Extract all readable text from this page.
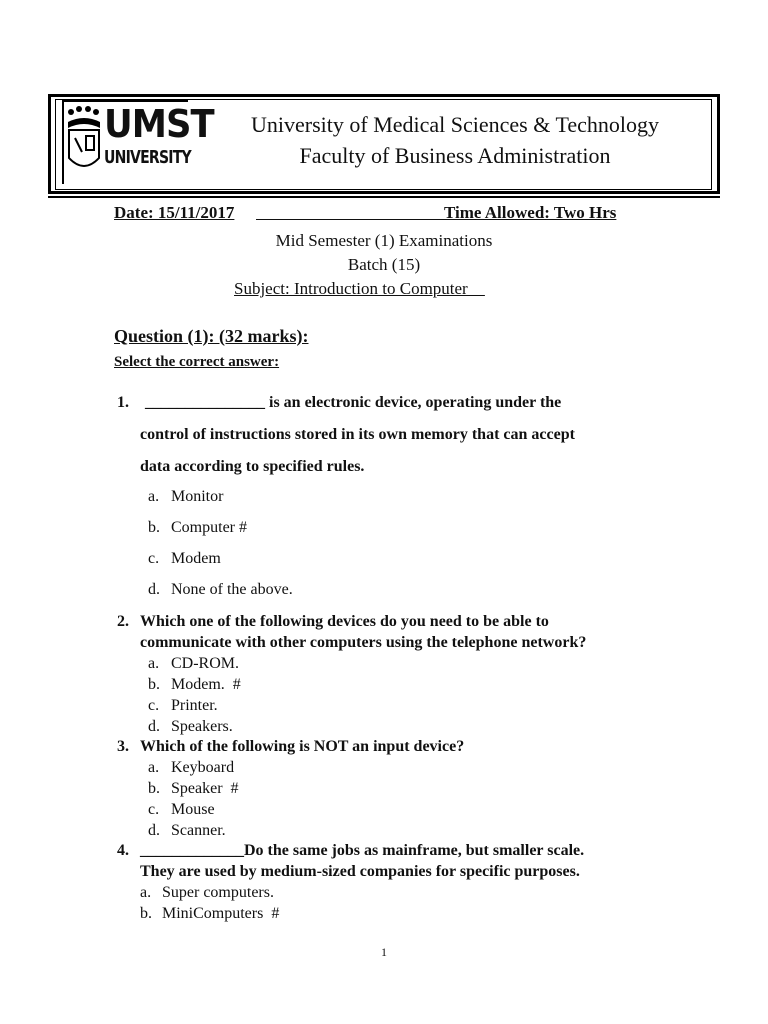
UMST
UNIVERSITY
University of Medical Sciences & Technology
Faculty of Business Administration
Date: 15/11/2017	Time Allowed: Two Hrs
Mid Semester (1) Examinations
Batch (15)
Subject: Introduction to Computer__
Question (1): (32 marks):
Select the correct answer:
1. _______________ is an electronic device, operating under the
control of instructions stored in its own memory that can accept
data according to specified rules.
a. Monitor
b. Computer #
c. Modem
d. None of the above.
2. Which one of the following devices do you need to be able to
communicate with other computers using the telephone network?
a. CD-ROM.
b. Modem.  #
c. Printer.
d. Speakers.
3. Which of the following is NOT an input device?
a. Keyboard
b. Speaker  #
c. Mouse
d. Scanner.
4. _____________Do the same jobs as mainframe, but smaller scale.
They are used by medium-sized companies for specific purposes.
a. Super computers.
b. MiniComputers  #
1
